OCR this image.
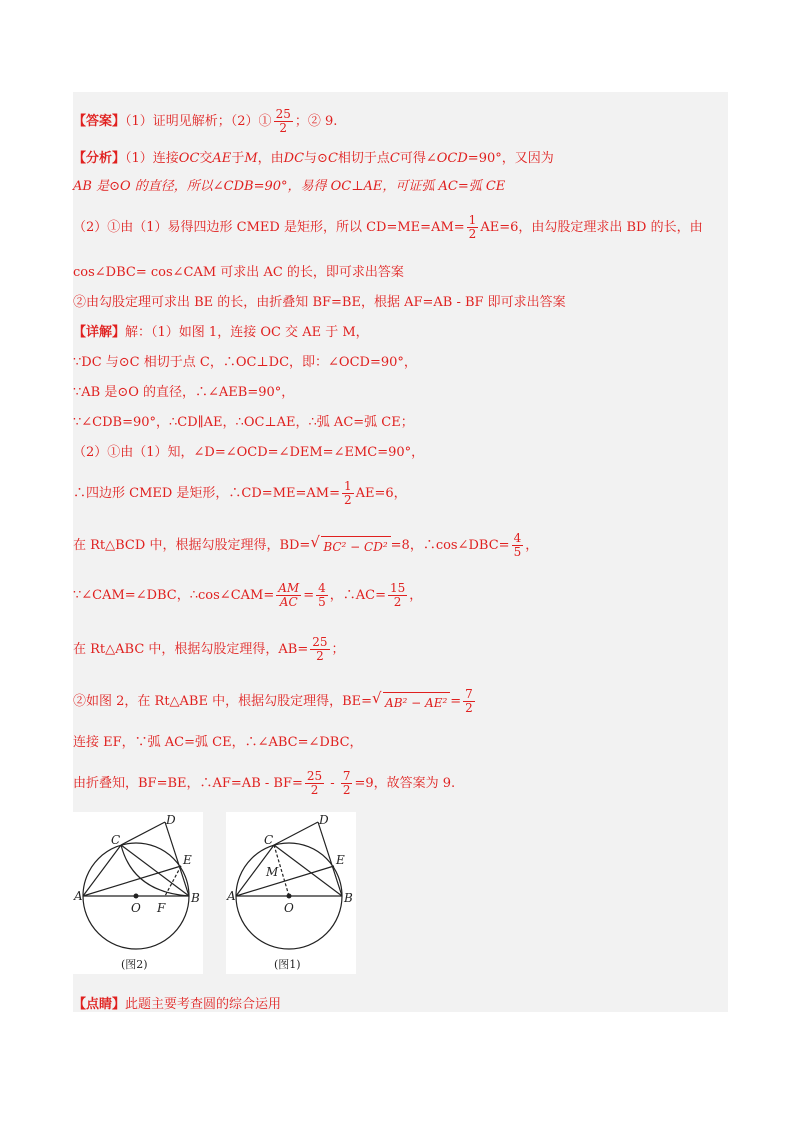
【答案】（1）证明见解析；（2）① $\frac{25}{2}$ ；② 9.
【分析】（1）连接OC交AE于M，由DC与⊙C相切于点C可得∠OCD=90°，又因为
AB 是⊙O 的直径，所以∠CDB=90°，易得 OC⊥AE，可证弧 AC=弧 CE
（2）①由（1）易得四边形 CMED 是矩形，所以 $CD=ME=AM= \frac{1}{2} AE=6$，由勾股定理求出 BD 的长，由
cos∠DBC= cos∠CAM 可求出 AC 的长，即可求出答案
②由勾股定理可求出 BE 的长，由折叠知 BF=BE，根据 AF=AB - BF 即可求出答案
【详解】解：（1）如图 1，连接 OC 交 AE 于 M，
∵DC 与⊙C 相切于点 C，∴OC⊥DC，即：∠OCD=90°，
∵AB 是⊙O 的直径，∴∠AEB=90°，
∵∠CDB=90°，∴CD∥AE，∴OC⊥AE，∴弧 AC=弧 CE；
（2）①由（1）知，∠D=∠OCD=∠DEM=∠EMC=90°，
∴四边形 CMED 是矩形，∴CD=ME=AM= $\frac{1}{2} AE=6$，
在 Rt△BCD 中，根据勾股定理得，BD= √ BC² − CD² =8，∴cos∠DBC= $\frac{4}{5}$ ，
∵∠CAM=∠DBC，∴cos∠CAM= $\frac{AM}{AC} = \frac{4}{5}$ ，∴AC= $\frac{15}{2}$ ，
在 Rt△ABC 中，根据勾股定理得，$AB= \frac{25}{2}$ ；
②如图 2，在 Rt△ABE 中，根据勾股定理得，BE= √ $AB^2 - AE^2 = \frac{7}{2}$
连接 EF，∵弧 AC=弧 CE，∴∠ABC=∠DBC，
由折叠知，BF=BE，∴AF=AB - $BF= \frac{25}{2} - \frac{7}{2} =9$，故答案为 9.
A	B
C
D
E
O F
(图2)
A	B
C
D
E
O
M
(图1)
【点睛】此题主要考查圆的综合运用
